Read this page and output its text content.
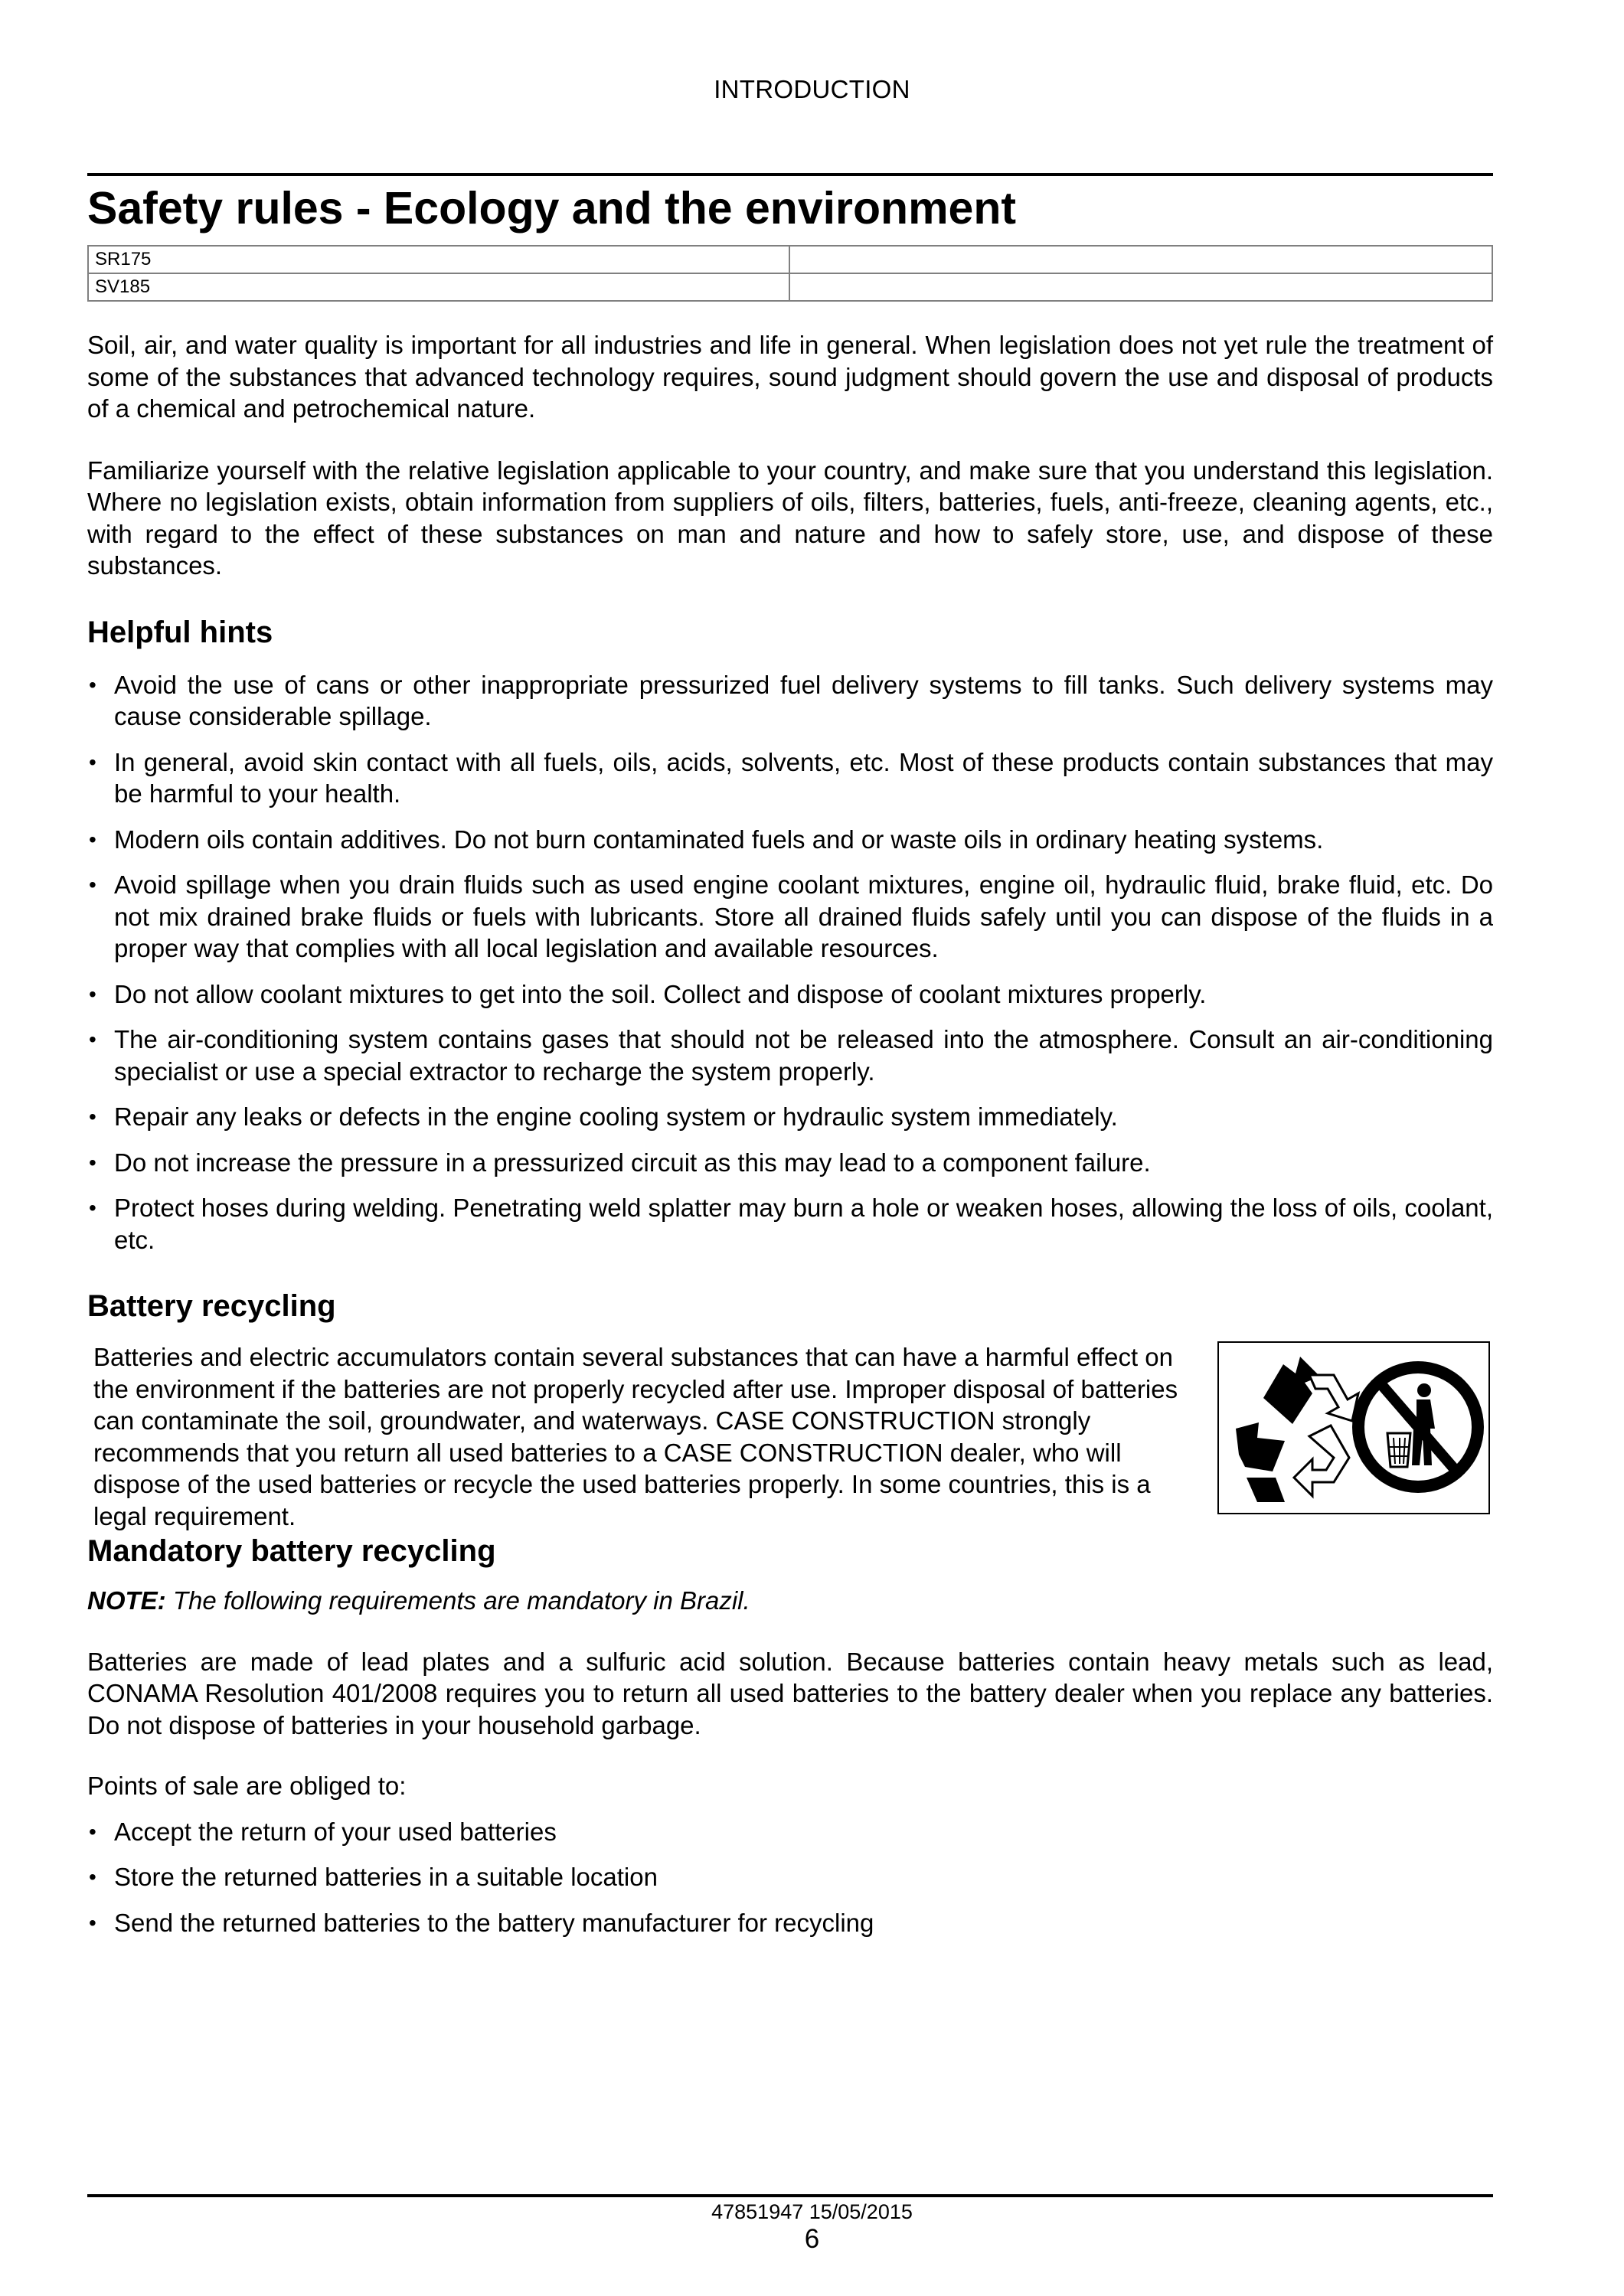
INTRODUCTION
Safety rules - Ecology and the environment
SR175	
SV185	

Soil, air, and water quality is important for all industries and life in general. When legislation does not yet rule the treatment of some of the substances that advanced technology requires, sound judgment should govern the use and disposal of products of a chemical and petrochemical nature.

Familiarize yourself with the relative legislation applicable to your country, and make sure that you understand this legislation. Where no legislation exists, obtain information from suppliers of oils, filters, batteries, fuels, anti-freeze, cleaning agents, etc., with regard to the effect of these substances on man and nature and how to safely store, use, and dispose of these substances.

Helpful hints
• Avoid the use of cans or other inappropriate pressurized fuel delivery systems to fill tanks. Such delivery systems may cause considerable spillage.
• In general, avoid skin contact with all fuels, oils, acids, solvents, etc. Most of these products contain substances that may be harmful to your health.
• Modern oils contain additives. Do not burn contaminated fuels and or waste oils in ordinary heating systems.
• Avoid spillage when you drain fluids such as used engine coolant mixtures, engine oil, hydraulic fluid, brake fluid, etc. Do not mix drained brake fluids or fuels with lubricants. Store all drained fluids safely until you can dispose of the fluids in a proper way that complies with all local legislation and available resources.
• Do not allow coolant mixtures to get into the soil. Collect and dispose of coolant mixtures properly.
• The air-conditioning system contains gases that should not be released into the atmosphere. Consult an air-conditioning specialist or use a special extractor to recharge the system properly.
• Repair any leaks or defects in the engine cooling system or hydraulic system immediately.
• Do not increase the pressure in a pressurized circuit as this may lead to a component failure.
• Protect hoses during welding. Penetrating weld splatter may burn a hole or weaken hoses, allowing the loss of oils, coolant, etc.
Battery recycling

Batteries and electric accumulators contain several substances that can have a harmful effect on the environment if the batteries are not properly recycled after use. Improper disposal of batteries can contaminate the soil, groundwater, and waterways. CASE CONSTRUCTION strongly recommends that you return all used batteries to a CASE CONSTRUCTION dealer, who will dispose of the used batteries or recycle the used batteries properly. In some countries, this is a legal requirement.

Mandatory battery recycling

NOTE: The following requirements are mandatory in Brazil.

Batteries are made of lead plates and a sulfuric acid solution. Because batteries contain heavy metals such as lead, CONAMA Resolution 401/2008 requires you to return all used batteries to the battery dealer when you replace any batteries. Do not dispose of batteries in your household garbage.

Points of sale are obliged to:

• Accept the return of your used batteries
• Store the returned batteries in a suitable location
• Send the returned batteries to the battery manufacturer for recycling
47851947 15/05/2015
6
